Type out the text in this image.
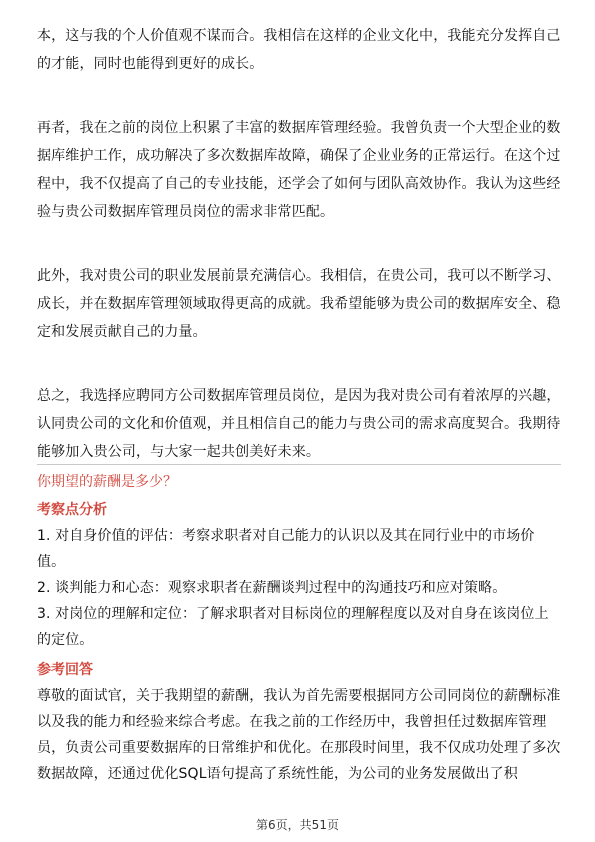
本，这与我的个人价值观不谋而合。我相信在这样的企业文化中，我能充分发挥自己的才能，同时也能得到更好的成长。

再者，我在之前的岗位上积累了丰富的数据库管理经验。我曾负责一个大型企业的数据库维护工作，成功解决了多次数据库故障，确保了企业业务的正常运行。在这个过程中，我不仅提高了自己的专业技能，还学会了如何与团队高效协作。我认为这些经验与贵公司数据库管理员岗位的需求非常匹配。

此外，我对贵公司的职业发展前景充满信心。我相信，在贵公司，我可以不断学习、成长，并在数据库管理领域取得更高的成就。我希望能够为贵公司的数据库安全、稳定和发展贡献自己的力量。

总之，我选择应聘同方公司数据库管理员岗位，是因为我对贵公司有着浓厚的兴趣，认同贵公司的文化和价值观，并且相信自己的能力与贵公司的需求高度契合。我期待能够加入贵公司，与大家一起共创美好未来。

你期望的薪酬是多少？

考察点分析

1. 对自身价值的评估：考察求职者对自己能力的认识以及其在同行业中的市场价值。

2. 谈判能力和心态：观察求职者在薪酬谈判过程中的沟通技巧和应对策略。

3. 对岗位的理解和定位：了解求职者对目标岗位的理解程度以及对自身在该岗位上的定位。

参考回答

尊敬的面试官，关于我期望的薪酬，我认为首先需要根据同方公司同岗位的薪酬标准以及我的能力和经验来综合考虑。在我之前的工作经历中，我曾担任过数据库管理员，负责公司重要数据库的日常维护和优化。在那段时间里，我不仅成功处理了多次数据故障，还通过优化SQL语句提高了系统性能，为公司的业务发展做出了积

第6页，共51页
